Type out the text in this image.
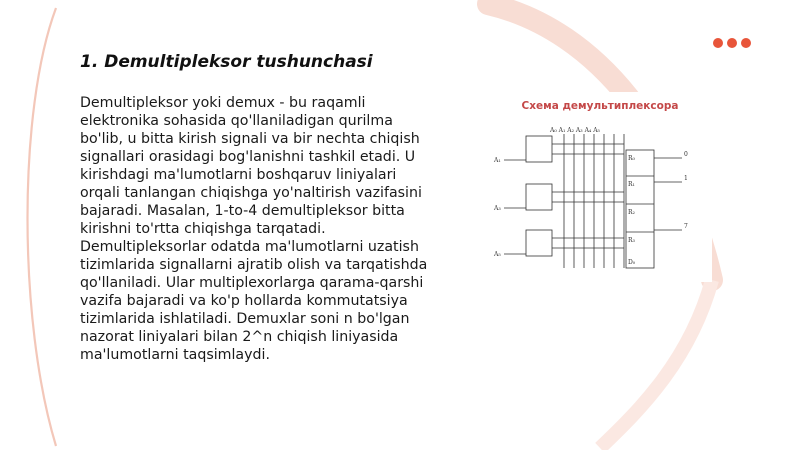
1. Demultipleksor tushunchasi

Demultipleksor yoki demux - bu raqamli elektronika sohasida qo'llaniladigan qurilma bo'lib, u bitta kirish signali va bir nechta chiqish signallari orasidagi bog'lanishni tashkil etadi. U kirishdagi ma'lumotlarni boshqaruv liniyalari orqali tanlangan chiqishga yo'naltirish vazifasini bajaradi. Masalan, 1-to-4 demultipleksor bitta kirishni to'rtta chiqishga tarqatadi. Demultipleksorlar odatda ma'lumotlarni uzatish tizimlarida signallarni ajratib olish va tarqatishda qo'llaniladi. Ular multiplexorlarga qarama-qarshi vazifa bajaradi va ko'p hollarda kommutatsiya tizimlarida ishlatiladi. Demuxlar soni n bo'lgan nazorat liniyalari bilan 2^n chiqish liniyasida ma'lumotlarni taqsimlaydi.

A₀ A₁ A₂ A₃ A₄ A₅
A₁
A₃
A₅
R₀
R₁
R₂
R₃
D₀
0
1
7
Схема демультиплексора
